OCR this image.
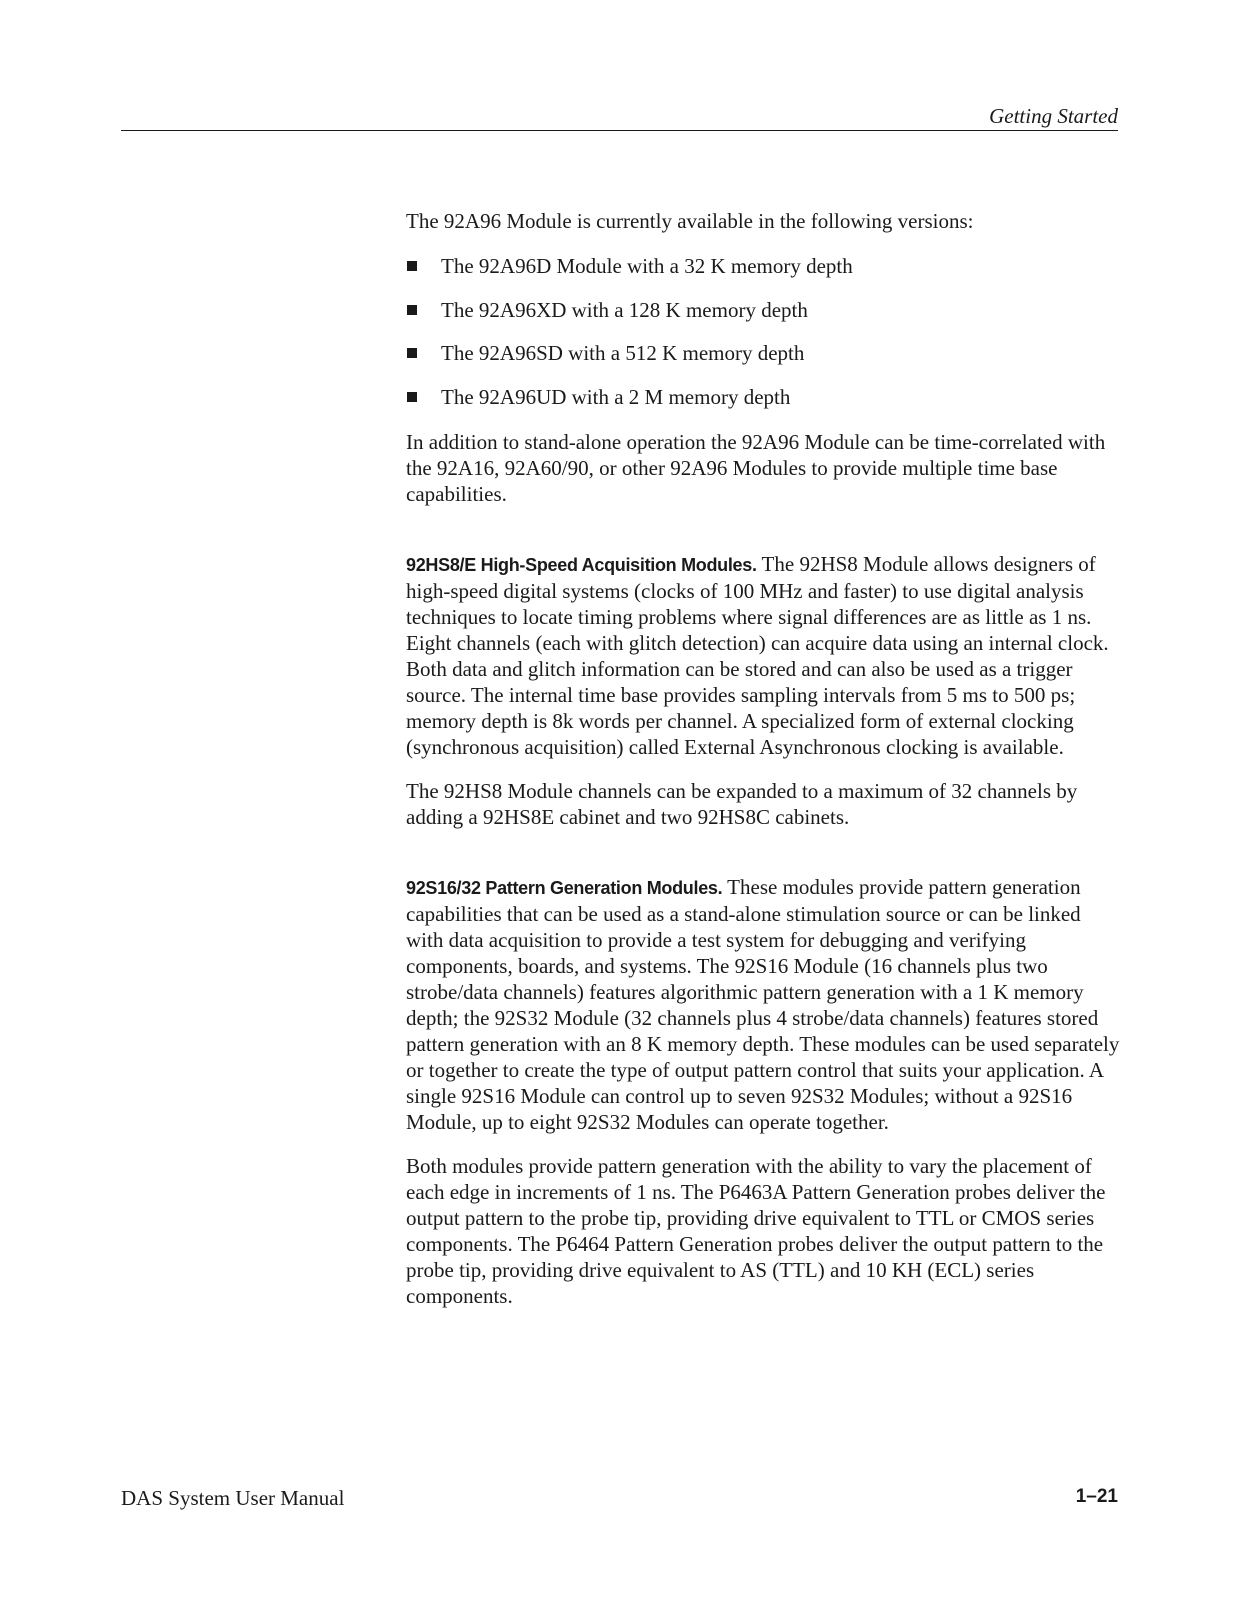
Getting Started

The 92A96 Module is currently available in the following versions:

The 92A96D Module with a 32 K memory depth
The 92A96XD with a 128 K memory depth
The 92A96SD with a 512 K memory depth
The 92A96UD with a 2 M memory depth

In addition to stand-alone operation the 92A96 Module can be time-correlated with the 92A16, 92A60/90, or other 92A96 Modules to provide multiple time base capabilities.

92HS8/E High-Speed Acquisition Modules. The 92HS8 Module allows designers of high-speed digital systems (clocks of 100 MHz and faster) to use digital analysis techniques to locate timing problems where signal differences are as little as 1 ns. Eight channels (each with glitch detection) can acquire data using an internal clock. Both data and glitch information can be stored and can also be used as a trigger source. The internal time base provides sampling intervals from 5 ms to 500 ps; memory depth is 8k words per channel. A specialized form of external clocking (synchronous acquisition) called External Asynchronous clocking is available.

The 92HS8 Module channels can be expanded to a maximum of 32 channels by adding a 92HS8E cabinet and two 92HS8C cabinets.

92S16/32 Pattern Generation Modules. These modules provide pattern generation capabilities that can be used as a stand-alone stimulation source or can be linked with data acquisition to provide a test system for debugging and verifying components, boards, and systems. The 92S16 Module (16 channels plus two strobe/data channels) features algorithmic pattern generation with a 1 K memory depth; the 92S32 Module (32 channels plus 4 strobe/data channels) features stored pattern generation with an 8 K memory depth. These modules can be used separately or together to create the type of output pattern control that suits your application. A single 92S16 Module can control up to seven 92S32 Modules; without a 92S16 Module, up to eight 92S32 Modules can operate together.

Both modules provide pattern generation with the ability to vary the placement of each edge in increments of 1 ns. The P6463A Pattern Generation probes deliver the output pattern to the probe tip, providing drive equivalent to TTL or CMOS series components. The P6464 Pattern Generation probes deliver the output pattern to the probe tip, providing drive equivalent to AS (TTL) and 10 KH (ECL) series components.

DAS System User Manual	1–21
